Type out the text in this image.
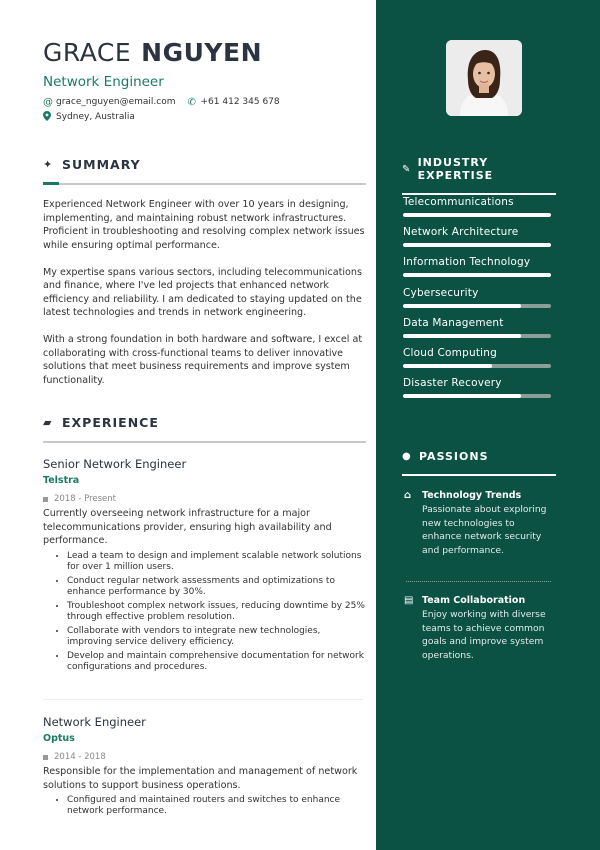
GRACE NGUYEN
Network Engineer
@ grace_nguyen@email.com ✆ +61 412 345 678
Sydney, Australia
✦ SUMMARY

Experienced Network Engineer with over 10 years in designing, implementing, and maintaining robust network infrastructures. Proficient in troubleshooting and resolving complex network issues while ensuring optimal performance.

My expertise spans various sectors, including telecommunications and finance, where I've led projects that enhanced network efficiency and reliability. I am dedicated to staying updated on the latest technologies and trends in network engineering.

With a strong foundation in both hardware and software, I excel at collaborating with cross-functional teams to deliver innovative solutions that meet business requirements and improve system functionality.

▰ EXPERIENCE
Senior Network Engineer
Telstra
2018 - Present
Currently overseeing network infrastructure for a major telecommunications provider, ensuring high availability and performance.
• Lead a team to design and implement scalable network solutions for over 1 million users.
• Conduct regular network assessments and optimizations to enhance performance by 30%.
• Troubleshoot complex network issues, reducing downtime by 25% through effective problem resolution.
• Collaborate with vendors to integrate new technologies, improving service delivery efficiency.
• Develop and maintain comprehensive documentation for network configurations and procedures.
Network Engineer
Optus
2014 - 2018
Responsible for the implementation and management of network solutions to support business operations.
• Configured and maintained routers and switches to enhance network performance.
✎ INDUSTRY EXPERTISE
Telecommunications
Network Architecture
Information Technology
Cybersecurity
Data Management
Cloud Computing
Disaster Recovery
● PASSIONS
⌂	Technology Trends
Passionate about exploring new technologies to enhance network security and performance.
▤ Team Collaboration
Enjoy working with diverse teams to achieve common goals and improve system operations.
